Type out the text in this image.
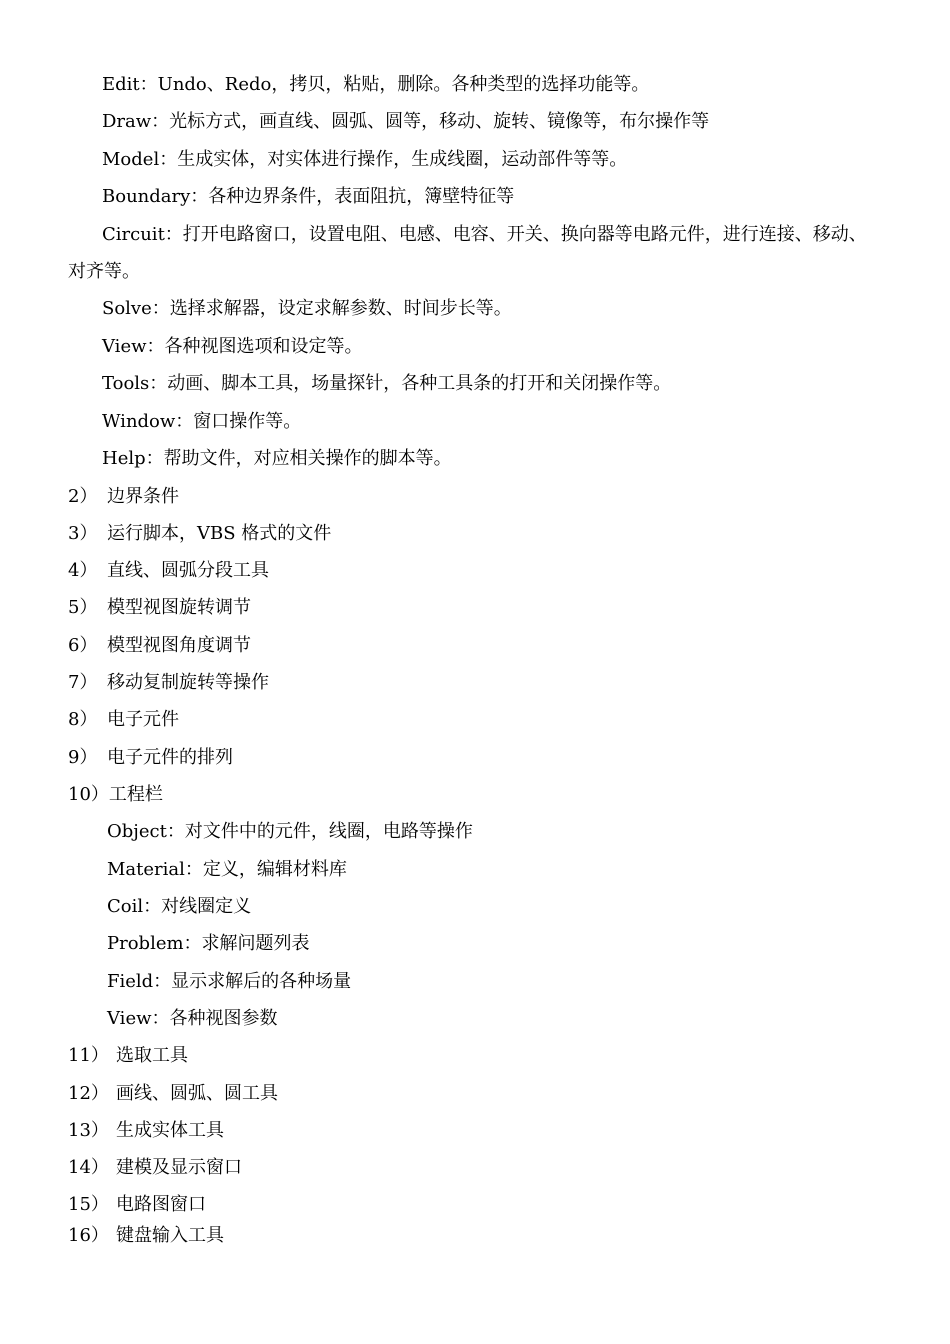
Edit：Undo、Redo，拷贝，粘贴，删除。各种类型的选择功能等。
Draw：光标方式，画直线、圆弧、圆等，移动、旋转、镜像等，布尔操作等
Model：生成实体，对实体进行操作，生成线圈，运动部件等等。
Boundary：各种边界条件，表面阻抗，簿壁特征等
Circuit：打开电路窗口，设置电阻、电感、电容、开关、换向器等电路元件，进行连接、移动、
对齐等。
Solve：选择求解器，设定求解参数、时间步长等。
View：各种视图选项和设定等。
Tools：动画、脚本工具，场量探针，各种工具条的打开和关闭操作等。
Window：窗口操作等。
Help：帮助文件，对应相关操作的脚本等。
2） 边界条件
3） 运行脚本，VBS 格式的文件
4） 直线、圆弧分段工具
5） 模型视图旋转调节
6） 模型视图角度调节
7） 移动复制旋转等操作
8） 电子元件
9） 电子元件的排列
10）工程栏
Object：对文件中的元件，线圈，电路等操作
Material：定义，编辑材料库
Coil：对线圈定义
Problem：求解问题列表
Field：显示求解后的各种场量
View：各种视图参数
11） 选取工具
12） 画线、圆弧、圆工具
13） 生成实体工具
14） 建模及显示窗口
15） 电路图窗口
16） 键盘输入工具
